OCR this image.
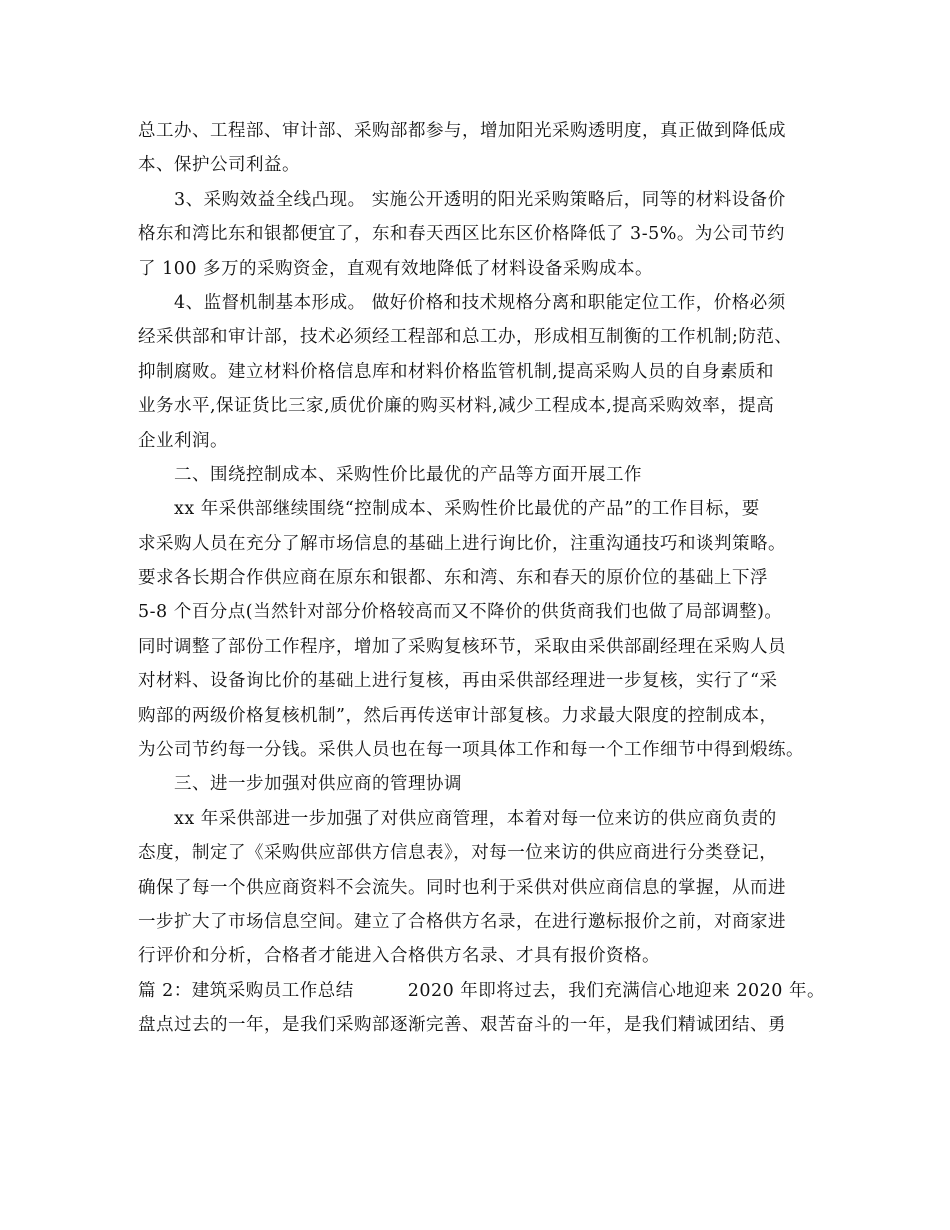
总工办、工程部、审计部、采购部都参与，增加阳光采购透明度，真正做到降低成
本、保护公司利益。
3、采购效益全线凸现。 实施公开透明的阳光采购策略后，同等的材料设备价
格东和湾比东和银都便宜了，东和春天西区比东区价格降低了 3-5%。为公司节约
了 100 多万的采购资金，直观有效地降低了材料设备采购成本。
4、监督机制基本形成。 做好价格和技术规格分离和职能定位工作，价格必须
经采供部和审计部，技术必须经工程部和总工办，形成相互制衡的工作机制;防范、
抑制腐败。建立材料价格信息库和材料价格监管机制,提高采购人员的自身素质和
业务水平,保证货比三家,质优价廉的购买材料,减少工程成本,提高采购效率，提高
企业利润。
二、围绕控制成本、采购性价比最优的产品等方面开展工作
xx 年采供部继续围绕“控制成本、采购性价比最优的产品”的工作目标，要
求采购人员在充分了解市场信息的基础上进行询比价，注重沟通技巧和谈判策略。
要求各长期合作供应商在原东和银都、东和湾、东和春天的原价位的基础上下浮
5-8 个百分点(当然针对部分价格较高而又不降价的供货商我们也做了局部调整)。
同时调整了部份工作程序，增加了采购复核环节，采取由采供部副经理在采购人员
对材料、设备询比价的基础上进行复核，再由采供部经理进一步复核，实行了“采
购部的两级价格复核机制”，然后再传送审计部复核。力求最大限度的控制成本，
为公司节约每一分钱。采供人员也在每一项具体工作和每一个工作细节中得到煅练。
三、进一步加强对供应商的管理协调
xx 年采供部进一步加强了对供应商管理，本着对每一位来访的供应商负责的
态度，制定了《采购供应部供方信息表》，对每一位来访的供应商进行分类登记，
确保了每一个供应商资料不会流失。同时也利于采供对供应商信息的掌握，从而进
一步扩大了市场信息空间。建立了合格供方名录，在进行邀标报价之前，对商家进
行评价和分析，合格者才能进入合格供方名录、才具有报价资格。
篇 2：建筑采购员工作总结	2020 年即将过去，我们充满信心地迎来 2020 年。
盘点过去的一年，是我们采购部逐渐完善、艰苦奋斗的一年，是我们精诚团结、勇
